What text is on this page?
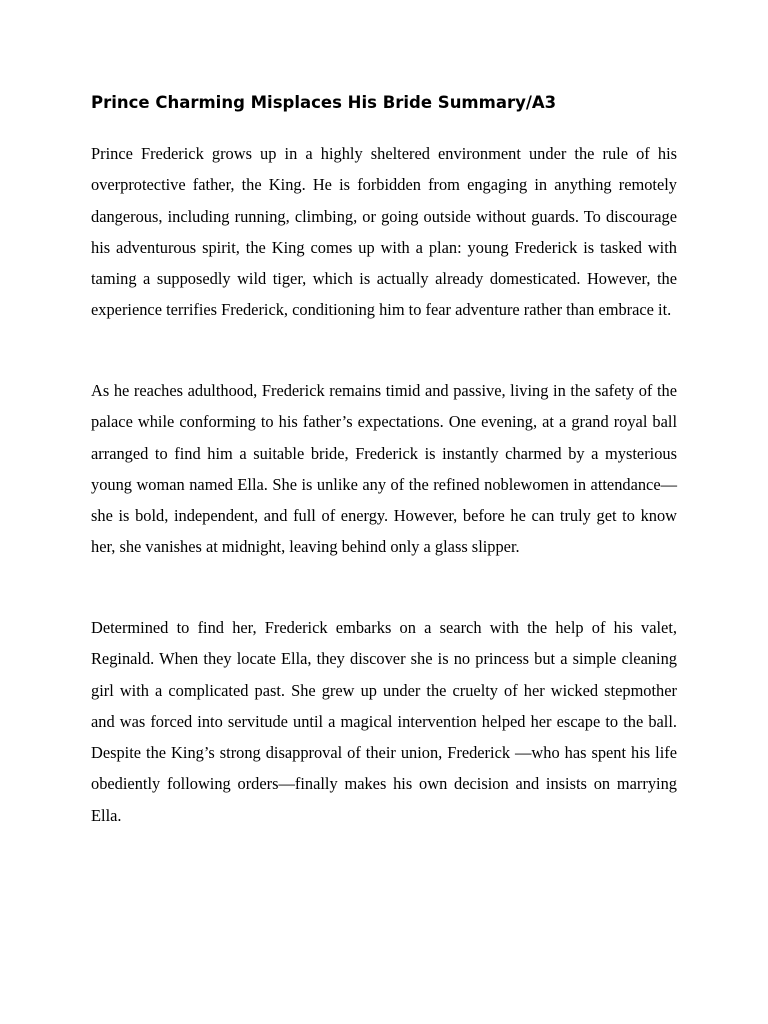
Prince Charming Misplaces His Bride Summary/A3

Prince Frederick grows up in a highly sheltered environment under the rule of his overprotective father, the King. He is forbidden from engaging in anything remotely dangerous, including running, climbing, or going outside without guards. To discourage his adventurous spirit, the King comes up with a plan: young Frederick is tasked with taming a supposedly wild tiger, which is actually already domesticated. However, the experience terrifies Frederick, conditioning him to fear adventure rather than embrace it.

As he reaches adulthood, Frederick remains timid and passive, living in the safety of the palace while conforming to his father’s expectations. One evening, at a grand royal ball arranged to find him a suitable bride, Frederick is instantly charmed by a mysterious young woman named Ella. She is unlike any of the refined noblewomen in attendance—she is bold, independent, and full of energy. However, before he can truly get to know her, she vanishes at midnight, leaving behind only a glass slipper.

Determined to find her, Frederick embarks on a search with the help of his valet, Reginald. When they locate Ella, they discover she is no princess but a simple cleaning girl with a complicated past. She grew up under the cruelty of her wicked stepmother and was forced into servitude until a magical intervention helped her escape to the ball. Despite the King’s strong disapproval of their union, Frederick —who has spent his life obediently following orders—finally makes his own decision and insists on marrying Ella.
